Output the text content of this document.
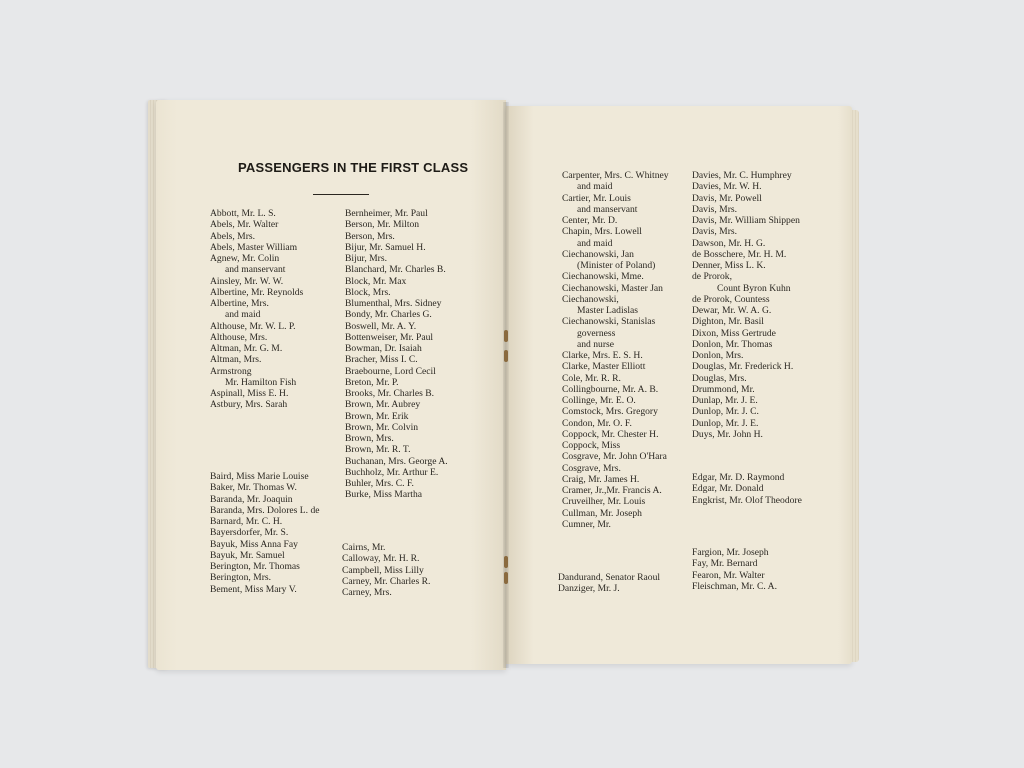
PASSENGERS IN THE FIRST CLASS
Abbott, Mr. L. S.
Abels, Mr. Walter
Abels, Mrs.
Abels, Master William
Agnew, Mr. Colin
and manservant
Ainsley, Mr. W. W.
Albertine, Mr. Reynolds
Albertine, Mrs.
and maid
Althouse, Mr. W. L. P.
Althouse, Mrs.
Altman, Mr. G. M.
Altman, Mrs.
Armstrong
Mr. Hamilton Fish
Aspinall, Miss E. H.
Astbury, Mrs. Sarah
Baird, Miss Marie Louise
Baker, Mr. Thomas W.
Baranda, Mr. Joaquin
Baranda, Mrs. Dolores L. de
Barnard, Mr. C. H.
Bayersdorfer, Mr. S.
Bayuk, Miss Anna Fay
Bayuk, Mr. Samuel
Berington, Mr. Thomas
Berington, Mrs.
Bement, Miss Mary V.
Bernheimer, Mr. Paul
Berson, Mr. Milton
Berson, Mrs.
Bijur, Mr. Samuel H.
Bijur, Mrs.
Blanchard, Mr. Charles B.
Block, Mr. Max
Block, Mrs.
Blumenthal, Mrs. Sidney
Bondy, Mr. Charles G.
Boswell, Mr. A. Y.
Bottenweiser, Mr. Paul
Bowman, Dr. Isaiah
Bracher, Miss I. C.
Braebourne, Lord Cecil
Breton, Mr. P.
Brooks, Mr. Charles B.
Brown, Mr. Aubrey
Brown, Mr. Erik
Brown, Mr. Colvin
Brown, Mrs.
Brown, Mr. R. T.
Buchanan, Mrs. George A.
Buchholz, Mr. Arthur E.
Buhler, Mrs. C. F.
Burke, Miss Martha
Cairns, Mr.
Calloway, Mr. H. R.
Campbell, Miss Lilly
Carney, Mr. Charles R.
Carney, Mrs.
Carpenter, Mrs. C. Whitney
and maid
Cartier, Mr. Louis
and manservant
Center, Mr. D.
Chapin, Mrs. Lowell
and maid
Ciechanowski, Jan
(Minister of Poland)
Ciechanowski, Mme.
Ciechanowski, Master Jan
Ciechanowski,
Master Ladislas
Ciechanowski, Stanislas
governess
and nurse
Clarke, Mrs. E. S. H.
Clarke, Master Elliott
Cole, Mr. R. R.
Collingbourne, Mr. A. B.
Collinge, Mr. E. O.
Comstock, Mrs. Gregory
Condon, Mr. O. F.
Coppock, Mr. Chester H.
Coppock, Miss
Cosgrave, Mr. John O'Hara
Cosgrave, Mrs.
Craig, Mr. James H.
Cramer, Jr.,Mr. Francis A.
Cruveilher, Mr. Louis
Cullman, Mr. Joseph
Cumner, Mr.
Dandurand, Senator Raoul
Danziger, Mr. J.
Davies, Mr. C. Humphrey
Davies, Mr. W. H.
Davis, Mr. Powell
Davis, Mrs.
Davis, Mr. William Shippen
Davis, Mrs.
Dawson, Mr. H. G.
de Bosschere, Mr. H. M.
Denner, Miss L. K.
de Prorok,
Count Byron Kuhn
de Prorok, Countess
Dewar, Mr. W. A. G.
Dighton, Mr. Basil
Dixon, Miss Gertrude
Donlon, Mr. Thomas
Donlon, Mrs.
Douglas, Mr. Frederick H.
Douglas, Mrs.
Drummond, Mr.
Dunlap, Mr. J. E.
Dunlop, Mr. J. C.
Dunlop, Mr. J. E.
Duys, Mr. John H.
Edgar, Mr. D. Raymond
Edgar, Mr. Donald
Engkrist, Mr. Olof Theodore
Fargion, Mr. Joseph
Fay, Mr. Bernard
Fearon, Mr. Walter
Fleischman, Mr. C. A.
